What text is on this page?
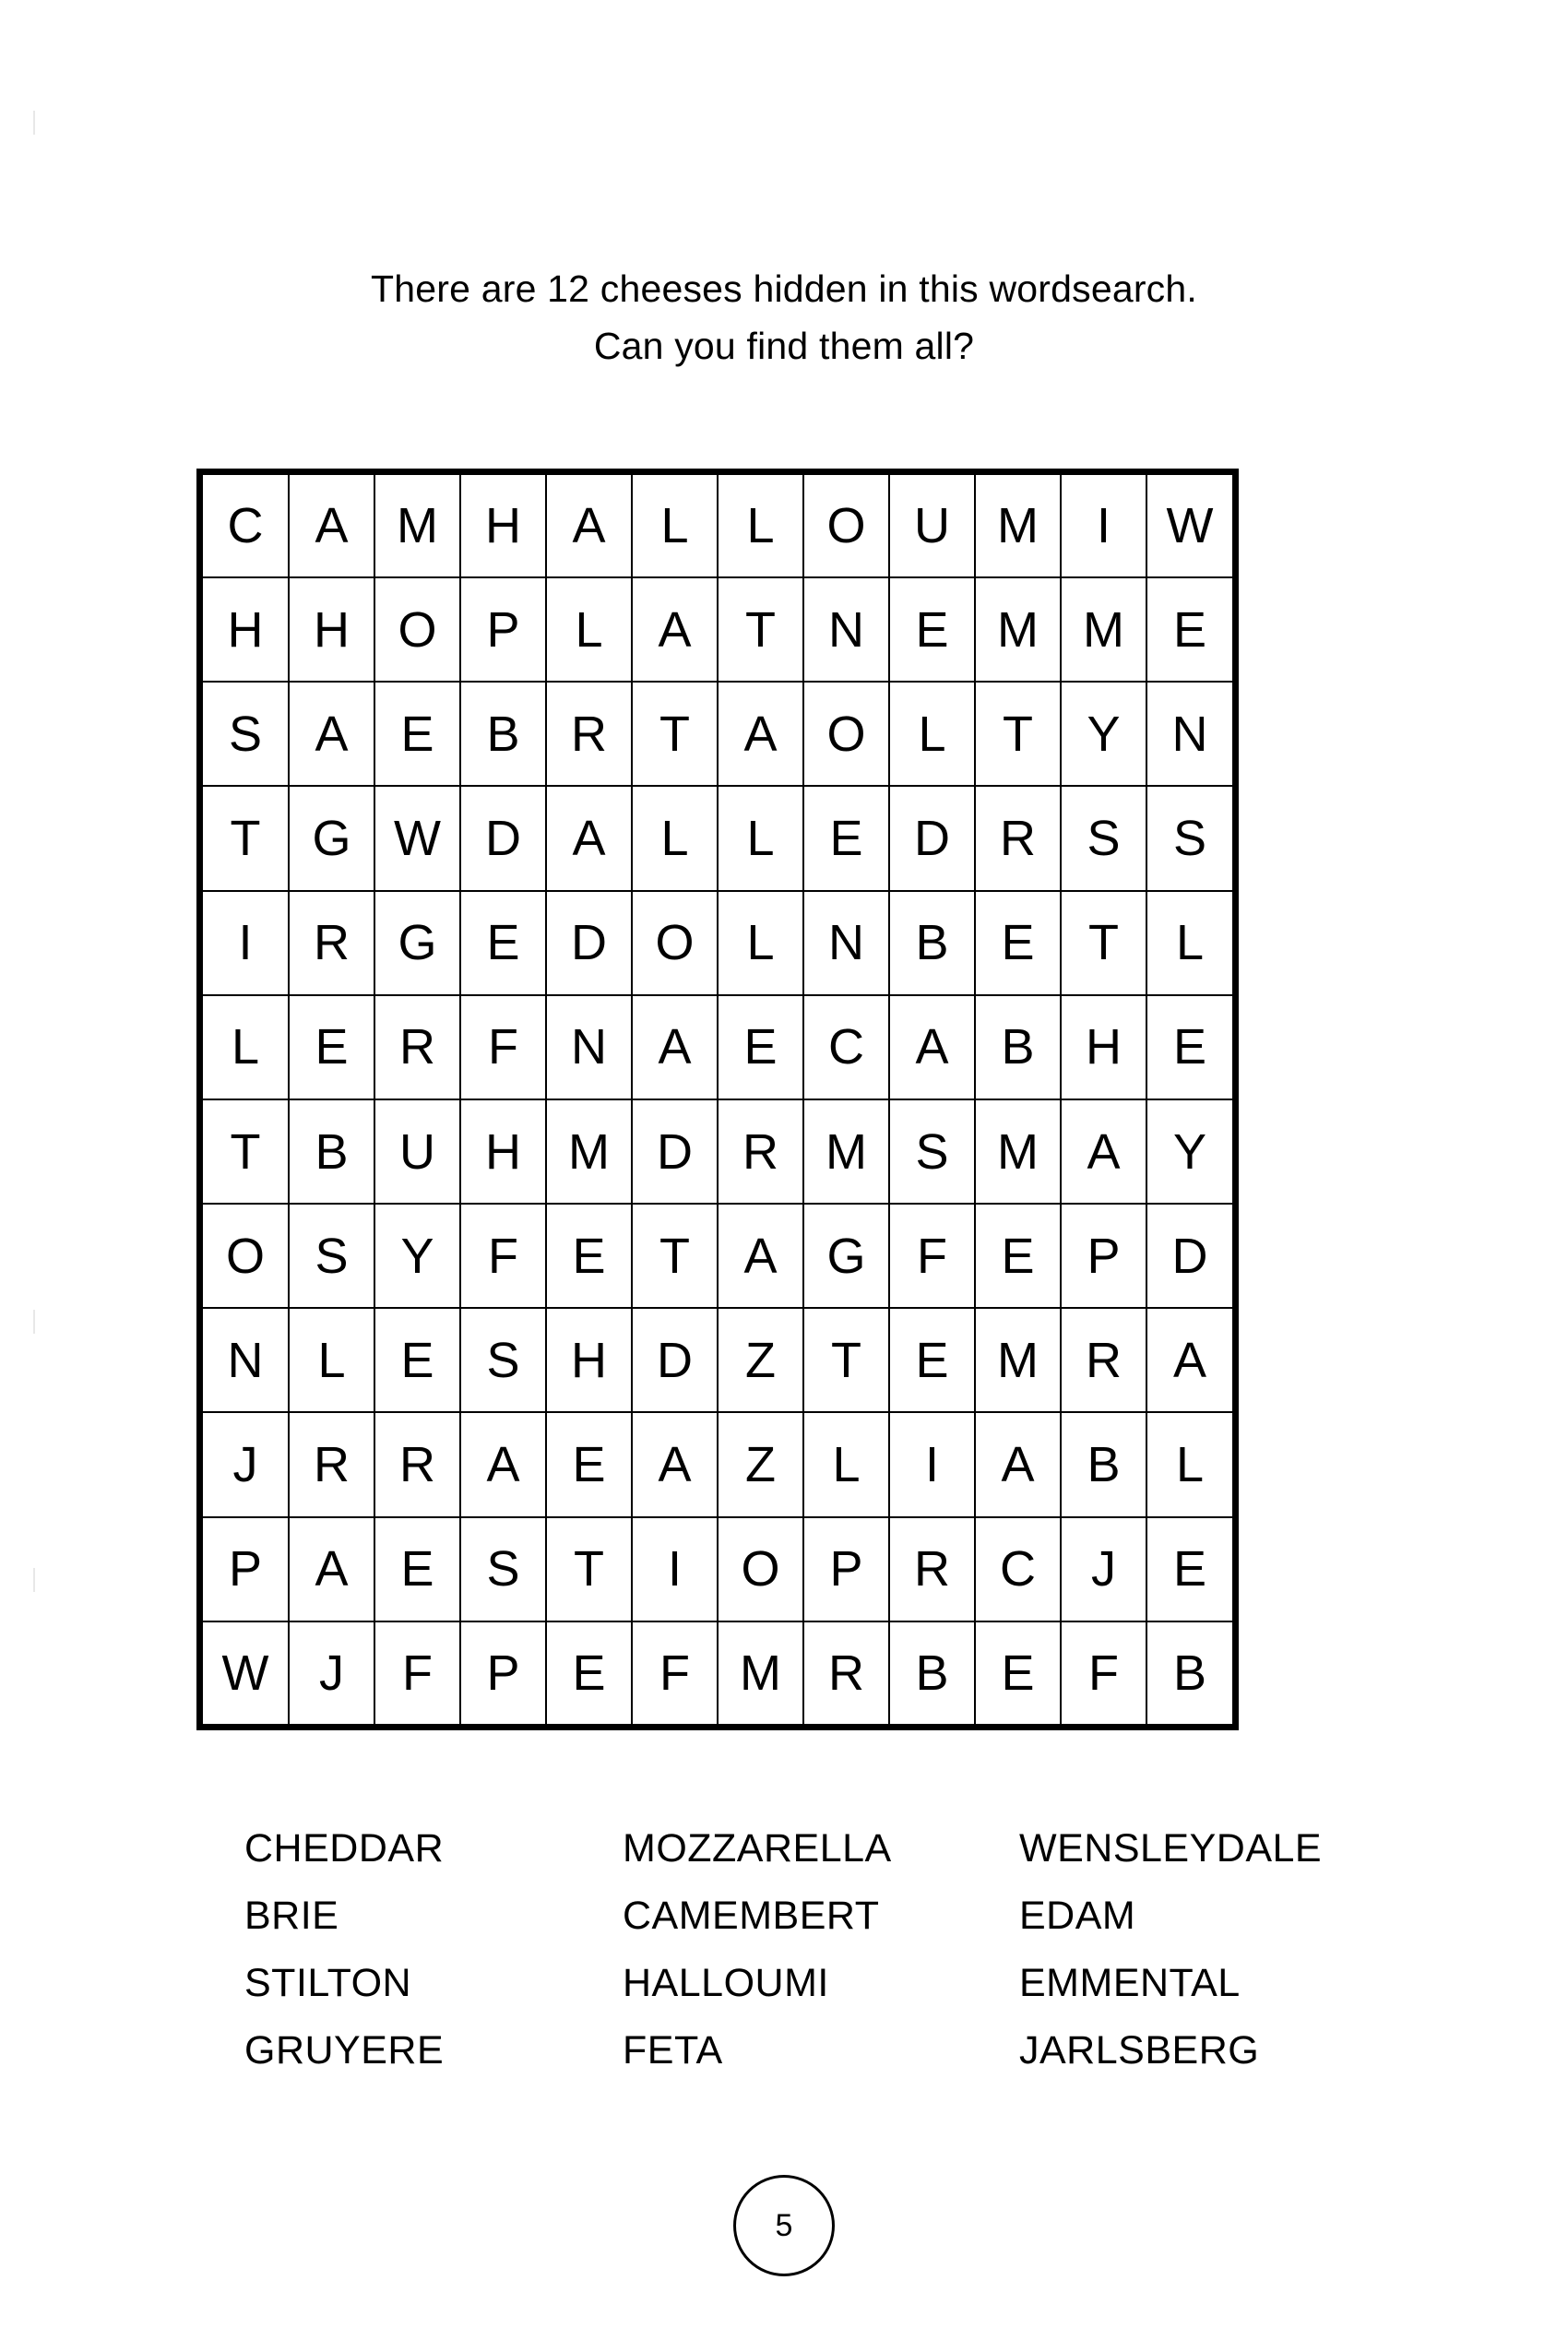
There are 12 cheeses hidden in this wordsearch.
Can you find them all?
C	A	M	H	A	L	L	O	U	M	I	W
H	H	O	P	L	A	T	N	E	M	M	E
S	A	E	B	R	T	A	O	L	T	Y	N
T	G	W	D	A	L	L	E	D	R	S	S
I	R	G	E	D	O	L	N	B	E	T	L
L	E	R	F	N	A	E	C	A	B	H	E
T	B	U	H	M	D	R	M	S	M	A	Y
O	S	Y	F	E	T	A	G	F	E	P	D
N	L	E	S	H	D	Z	T	E	M	R	A
J	R	R	A	E	A	Z	L	I	A	B	L
P	A	E	S	T	I	O	P	R	C	J	E
W	J	F	P	E	F	M	R	B	E	F	B
CHEDDAR	MOZZARELLA	WENSLEYDALE
BRIE	CAMEMBERT	EDAM
STILTON	HALLOUMI	EMMENTAL
GRUYERE	FETA	JARLSBERG
5
